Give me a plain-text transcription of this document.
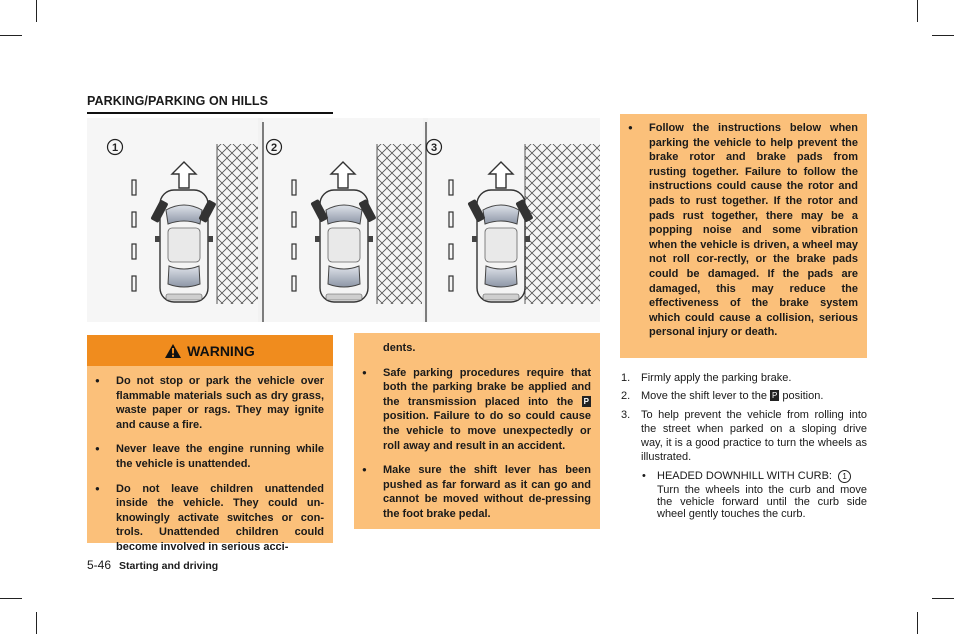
PARKING/PARKING ON HILLS
1	2	3
WARNING
● Do not stop or park the vehicle over flammable materials such as dry grass, waste paper or rags. They may ignite and cause a fire.
● Never leave the engine running while the vehicle is unattended.
● Do not leave children unattended inside the vehicle. They could un-knowingly activate switches or con-trols. Unattended children could become involved in serious acci-
dents.
● Safe parking procedures require that both the parking brake be applied and the transmission placed into the P position. Failure to do so could cause the vehicle to move unexpectedly or roll away and result in an accident.
● Make sure the shift lever has been pushed as far forward as it can go and cannot be moved without de-pressing the foot brake pedal.
● Follow the instructions below when parking the vehicle to help prevent the brake rotor and brake pads from rusting together. Failure to follow the instructions could cause the rotor and pads to rust together. If the rotor and pads rust together, there may be a popping noise and some vibration when the vehicle is driven, a wheel may not roll cor-rectly, or the brake pads could be damaged. If the pads are damaged, this may reduce the effectiveness of the brake system which could cause a collision, serious personal injury or death.
1. Firmly apply the parking brake.
2. Move the shift lever to the P position.
3. To help prevent the vehicle from rolling into the street when parked on a sloping drive way, it is a good practice to turn the wheels as illustrated.
• HEADED DOWNHILL WITH CURB: 1
Turn the wheels into the curb and move the vehicle forward until the curb side wheel gently touches the curb.
5-46 Starting and driving
